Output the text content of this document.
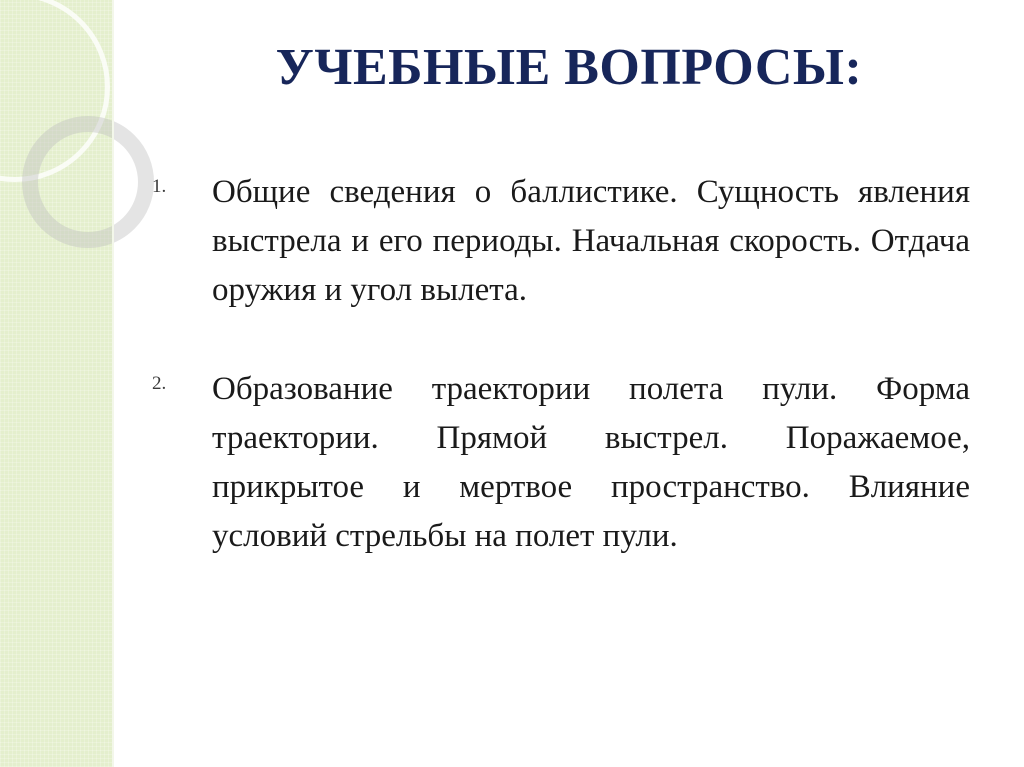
УЧЕБНЫЕ ВОПРОСЫ:
1. Общие сведения о баллистике. Сущность явления выстрела и его периоды. Начальная скорость. Отдача оружия и угол вылета.
2. Образование траектории полета пули. Форма траектории. Прямой выстрел. Поражаемое, прикрытое и мертвое пространство. Влияние условий стрельбы на полет пули.
